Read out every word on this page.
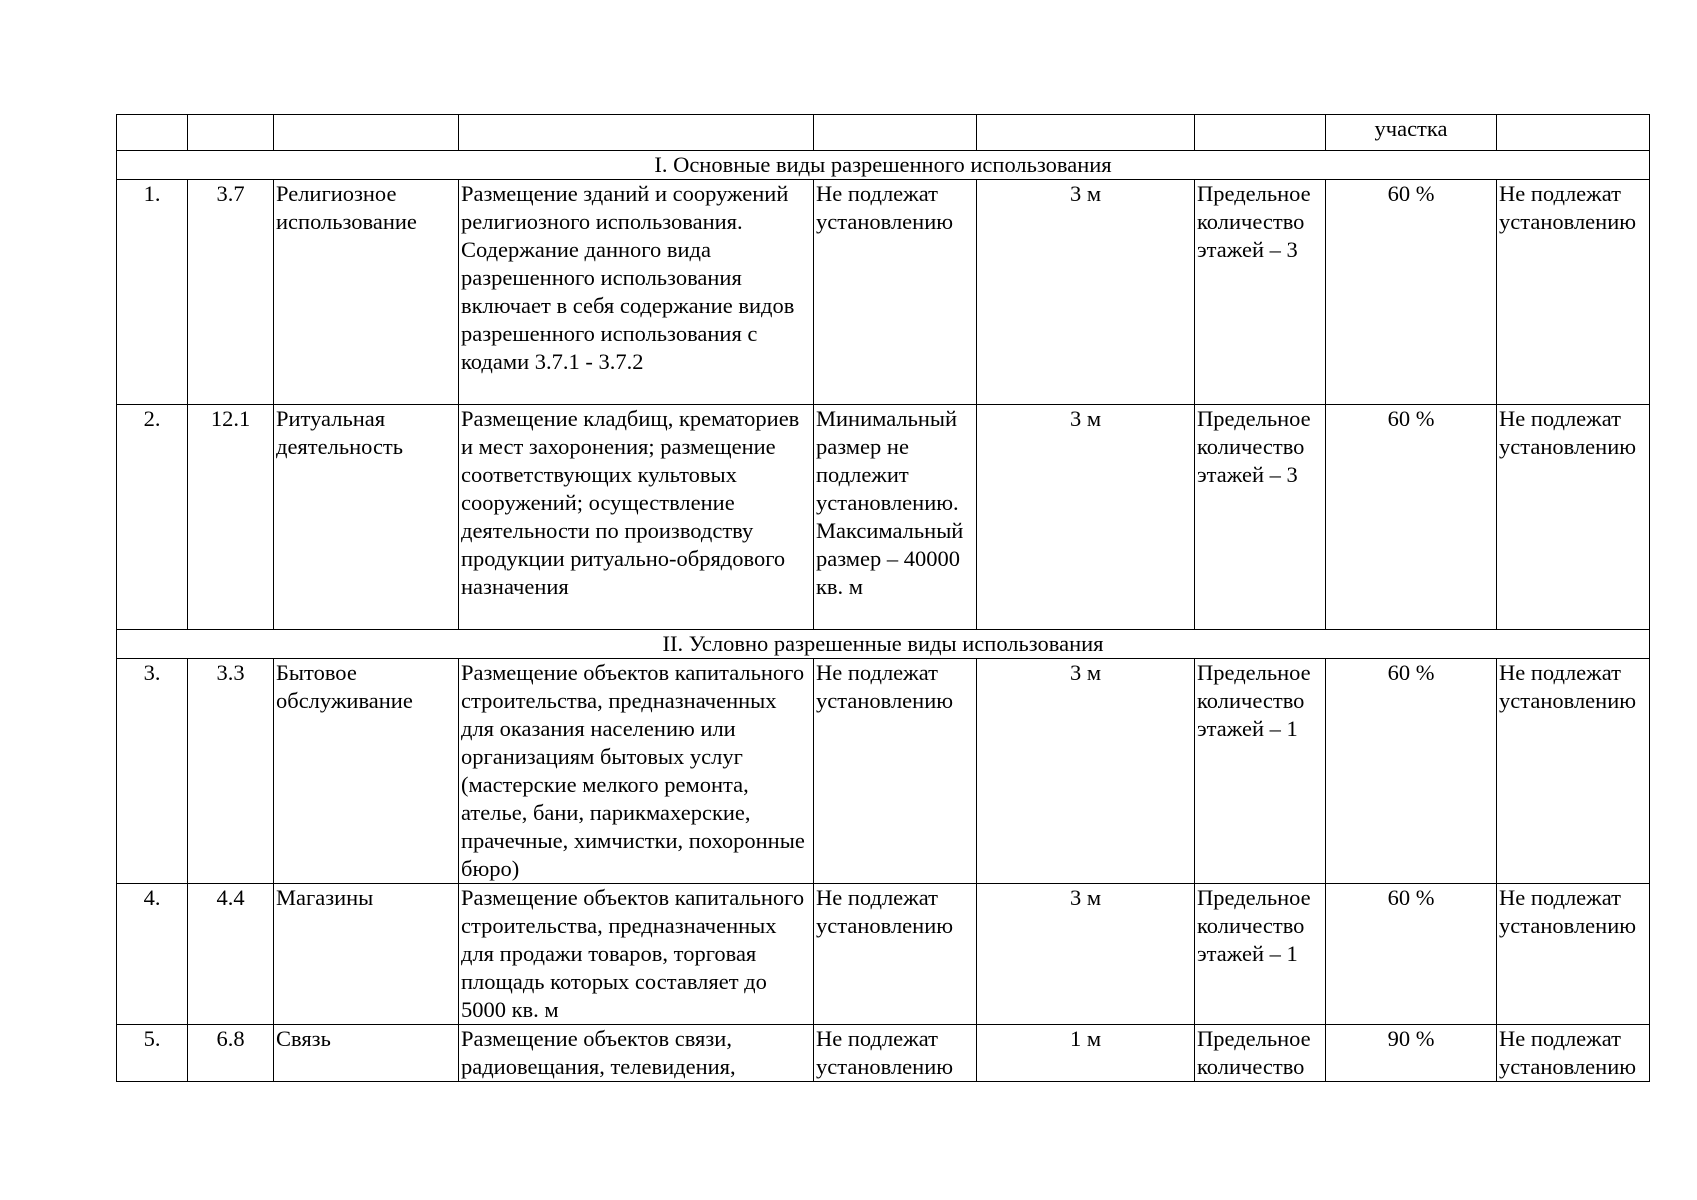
							участка	
I. Основные виды разрешенного использования								
1.	3.7	Религиозное использование	Размещение зданий и сооружений религиозного использования. Содержание данного вида разрешенного использования включает в себя содержание видов разрешенного использования с кодами 3.7.1 - 3.7.2	Не подлежат установлению	3 м	Предельное количество этажей – 3	60 %	Не подлежат установлению
2.	12.1	Ритуальная деятельность	Размещение кладбищ, крематориев и мест захоронения; размещение соответствующих культовых сооружений; осуществление деятельности по производству продукции ритуально-обрядового назначения	Минимальный размер не подлежит установлению. Максимальный размер – 40000 кв. м	3 м	Предельное количество этажей – 3	60 %	Не подлежат установлению
II. Условно разрешенные виды использования								
3.	3.3	Бытовое обслуживание	Размещение объектов капитального строительства, предназначенных для оказания населению или организациям бытовых услуг (мастерские мелкого ремонта, ателье, бани, парикмахерские, прачечные, химчистки, похоронные бюро)	Не подлежат установлению	3 м	Предельное количество этажей – 1	60 %	Не подлежат установлению
4.	4.4	Магазины	Размещение объектов капитального строительства, предназначенных для продажи товаров, торговая площадь которых составляет до 5000 кв. м	Не подлежат установлению	3 м	Предельное количество этажей – 1	60 %	Не подлежат установлению
5.	6.8	Связь	Размещение объектов связи, радиовещания, телевидения,	Не подлежат установлению	1 м	Предельное количество	90 %	Не подлежат установлению
